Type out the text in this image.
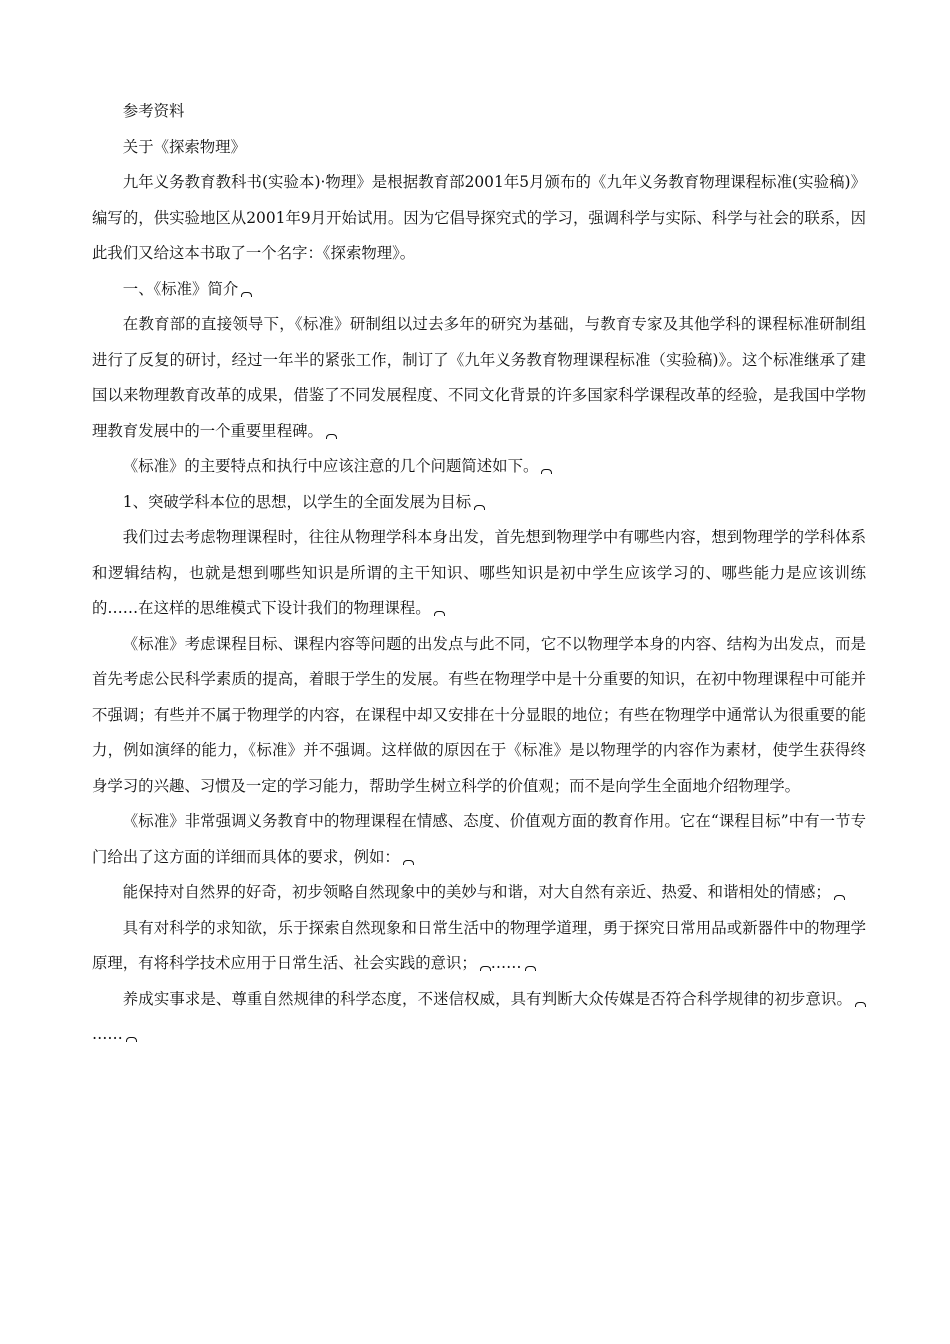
参考资料

关于《探索物理》

九年义务教育教科书(实验本)·物理》是根据教育部2001年5月颁布的《九年义务教育物理课程标准(实验稿)》编写的，供实验地区从2001年9月开始试用。因为它倡导探究式的学习，强调科学与实际、科学与社会的联系，因此我们又给这本书取了一个名字：《探索物理》。

一、《标准》简介

在教育部的直接领导下，《标准》研制组以过去多年的研究为基础，与教育专家及其他学科的课程标准研制组进行了反复的研讨，经过一年半的紧张工作，制订了《九年义务教育物理课程标准（实验稿)》。这个标准继承了建国以来物理教育改革的成果，借鉴了不同发展程度、不同文化背景的许多国家科学课程改革的经验，是我国中学物理教育发展中的一个重要里程碑。

《标准》的主要特点和执行中应该注意的几个问题简述如下。

1、突破学科本位的思想，以学生的全面发展为目标

我们过去考虑物理课程时，往往从物理学科本身出发，首先想到物理学中有哪些内容，想到物理学的学科体系和逻辑结构，也就是想到哪些知识是所谓的主干知识、哪些知识是初中学生应该学习的、哪些能力是应该训练的……在这样的思维模式下设计我们的物理课程。

《标准》考虑课程目标、课程内容等问题的出发点与此不同，它不以物理学本身的内容、结构为出发点，而是首先考虑公民科学素质的提高，着眼于学生的发展。有些在物理学中是十分重要的知识，在初中物理课程中可能并不强调；有些并不属于物理学的内容，在课程中却又安排在十分显眼的地位；有些在物理学中通常认为很重要的能力，例如演绎的能力，《标准》并不强调。这样做的原因在于《标准》是以物理学的内容作为素材，使学生获得终身学习的兴趣、习惯及一定的学习能力，帮助学生树立科学的价值观；而不是向学生全面地介绍物理学。

《标准》非常强调义务教育中的物理课程在情感、态度、价值观方面的教育作用。它在“课程目标”中有一节专门给出了这方面的详细而具体的要求，例如：

能保持对自然界的好奇，初步领略自然现象中的美妙与和谐，对大自然有亲近、热爱、和谐相处的情感；

具有对科学的求知欲，乐于探索自然现象和日常生活中的物理学道理，勇于探究日常用品或新器件中的物理学原理，有将科学技术应用于日常生活、社会实践的意识； ……

养成实事求是、尊重自然规律的科学态度，不迷信权威，具有判断大众传媒是否符合科学规律的初步意识。……
